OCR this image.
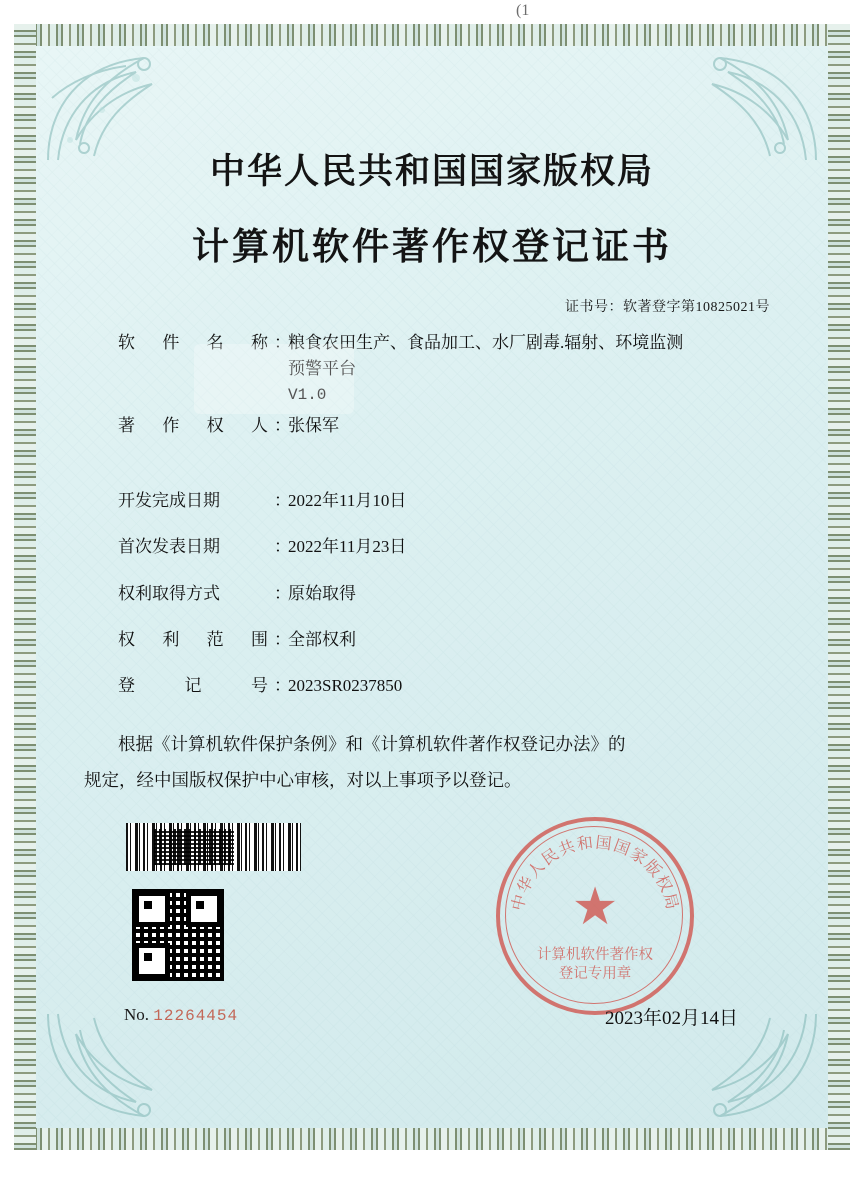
(1
中华人民共和国国家版权局
计算机软件著作权登记证书
证书号：软著登字第10825021号
软件名称 ：
粮食农田生产、食品加工、水厂剧毒.辐射、环境监测
预警平台
V1.0
著作权人 ：
张保军
开发完成日期	：
2022年11月10日
首次发表日期	：
2022年11月23日
权利取得方式	：
原始取得
权利范围 ：
全部权利
登记号 ：
2023SR0237850
根据《计算机软件保护条例》和《计算机软件著作权登记办法》的
规定，经中国版权保护中心审核，对以上事项予以登记。
No. 12264454
中华人民共和国国家版权局
★
计算机软件著作权
登记专用章
2023年02月14日
